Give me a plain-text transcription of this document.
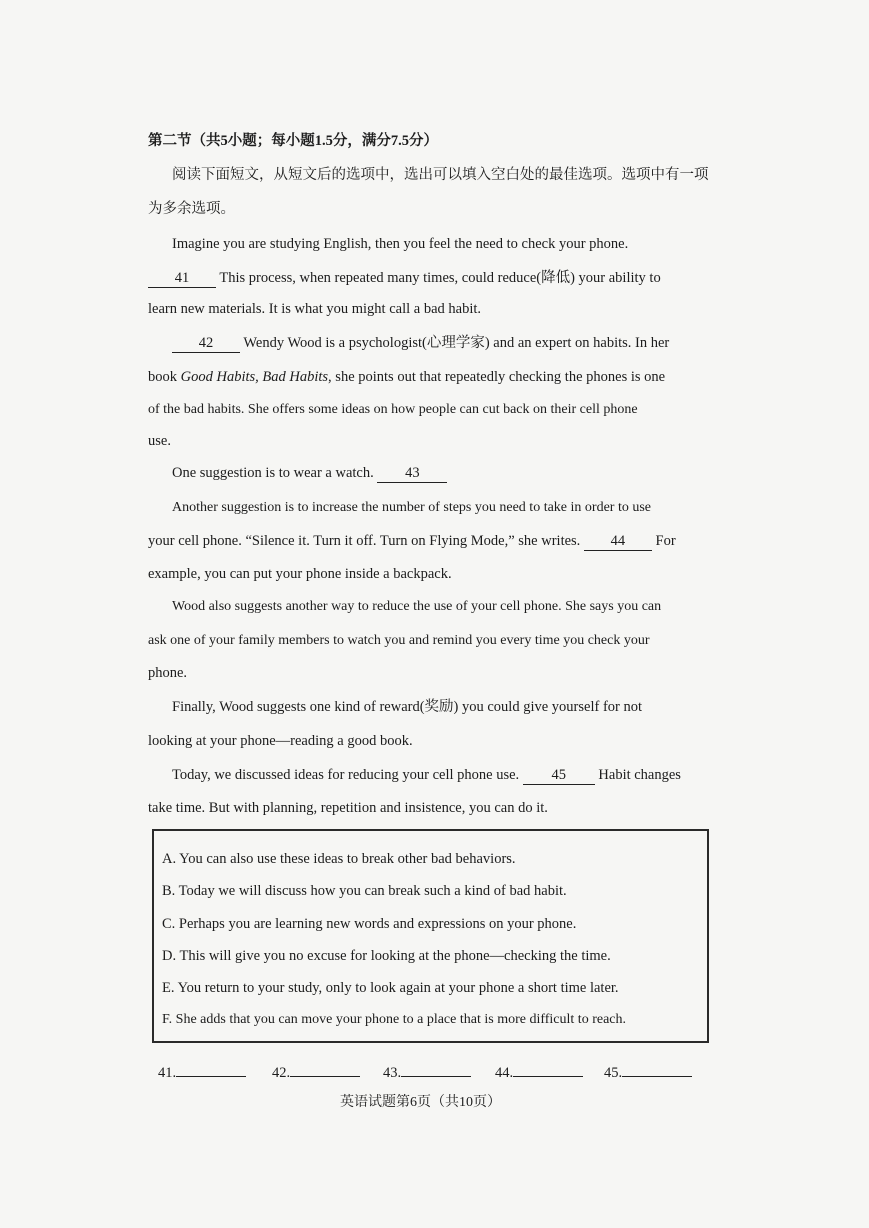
第二节（共5小题；每小题1.5分，满分7.5分）
阅读下面短文，从短文后的选项中，选出可以填入空白处的最佳选项。选项中有一项
为多余选项。
Imagine you are studying English, then you feel the need to check your phone.
41 This process, when repeated many times, could reduce(降低) your ability to
learn new materials. It is what you might call a bad habit.
42 Wendy Wood is a psychologist(心理学家) and an expert on habits. In her
book Good Habits, Bad Habits, she points out that repeatedly checking the phones is one
of the bad habits. She offers some ideas on how people can cut back on their cell phone
use.
One suggestion is to wear a watch. 43
Another suggestion is to increase the number of steps you need to take in order to use
your cell phone. “Silence it. Turn it off. Turn on Flying Mode,” she writes. 44 For
example, you can put your phone inside a backpack.
Wood also suggests another way to reduce the use of your cell phone. She says you can
ask one of your family members to watch you and remind you every time you check your
phone.
Finally, Wood suggests one kind of reward(奖励) you could give yourself for not
looking at your phone—reading a good book.
Today, we discussed ideas for reducing your cell phone use. 45 Habit changes
take time. But with planning, repetition and insistence, you can do it.
A. You can also use these ideas to break other bad behaviors.
B. Today we will discuss how you can break such a kind of bad habit.
C. Perhaps you are learning new words and expressions on your phone.
D. This will give you no excuse for looking at the phone—checking the time.
E. You return to your study, only to look again at your phone a short time later.
F. She adds that you can move your phone to a place that is more difficult to reach.
41.	42.	43.	44.	45.
英语试题第6页（共10页）
